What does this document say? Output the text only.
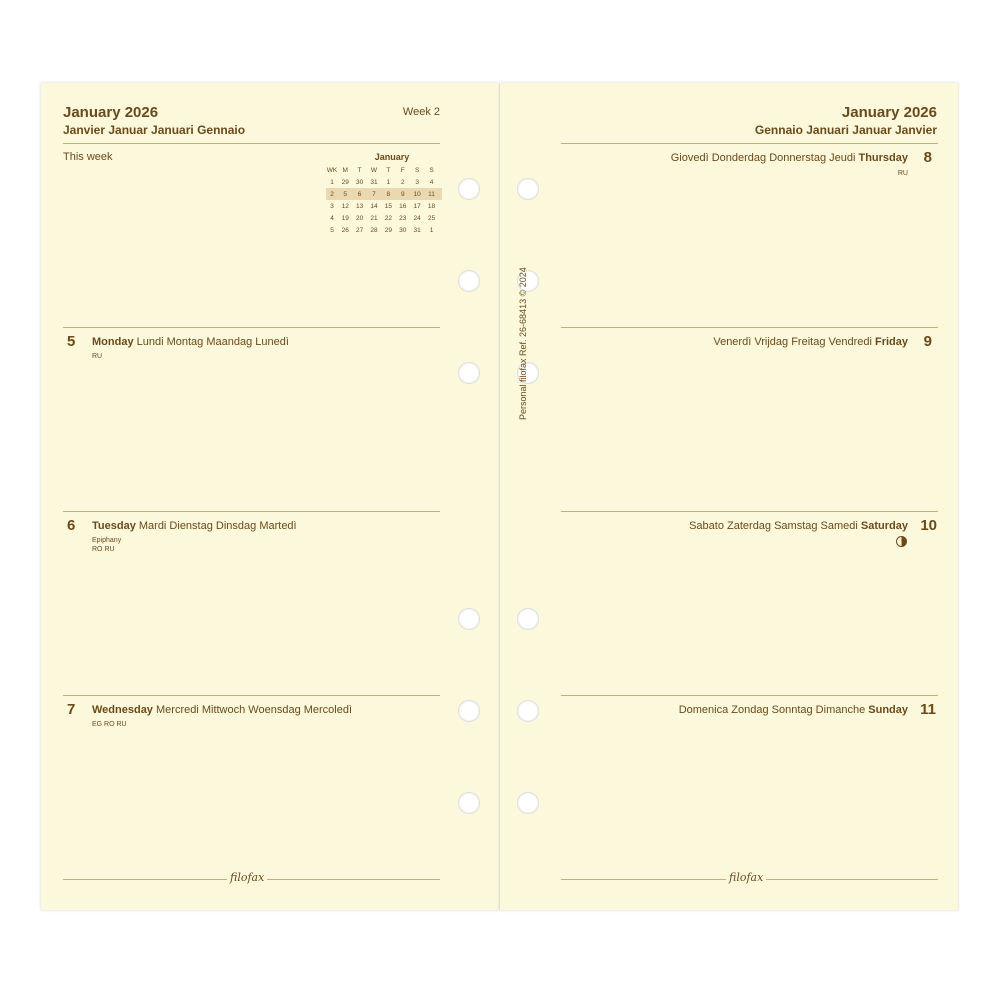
January 2026
Janvier Januar Januari Gennaio
Week 2
This week	January
WK M	T	W	T	F	S	S
1	29	30	31	1	2	3	4
2	5	6	7	8	9	10	11
3	12	13	14	15	16	17	18
4	19	20	21	22	23	24	25
5	26	27	28	29	30	31	1
5 Monday Lundi Montag Maandag Lunedì
RU
6 Tuesday Mardi Dienstag Dinsdag Martedì
Epiphany
RO RU
7 Wednesday Mercredi Mittwoch Woensdag Mercoledì
EG RO RU
filofax
January 2026
Gennaio Januari Januar Janvier
8
Giovedì Donderdag Donnerstag Jeudi Thursday
RU
9
Venerdì Vrijdag Freitag Vendredi Friday
10
Sabato Zaterdag Samstag Samedi Saturday
11
Domenica Zondag Sonntag Dimanche Sunday
filofax
Personal filofax Ref. 26-68413 © 2024
